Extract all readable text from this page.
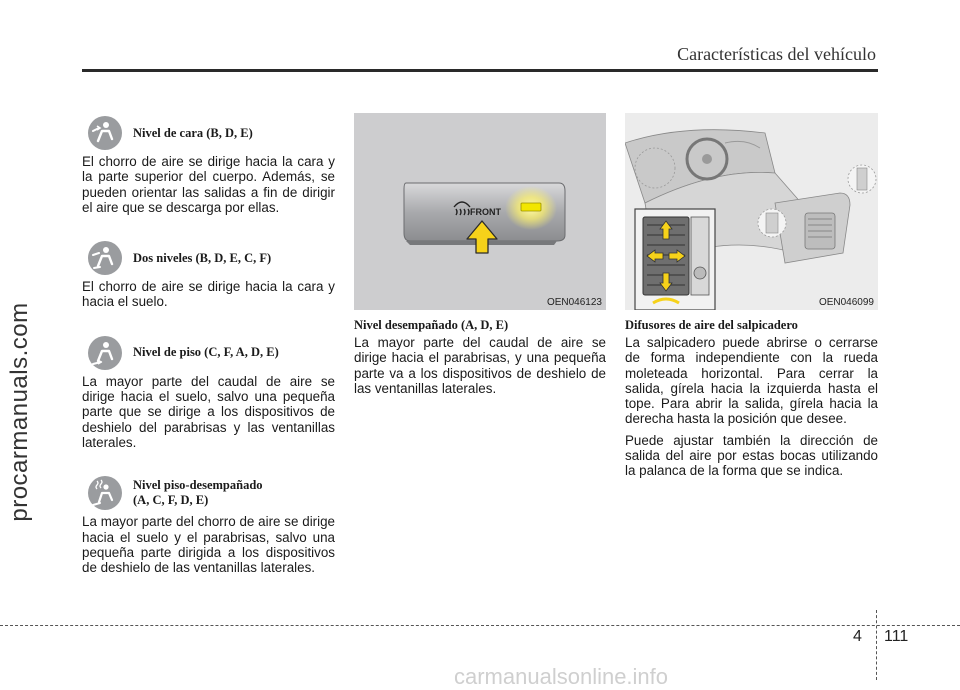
Características del vehículo
procarmanuals.com
Nivel de cara (B, D, E)

El chorro de aire se dirige hacia la cara y la parte superior del cuerpo. Además, se pueden orientar las salidas a fin de dirigir el aire que se descarga por ellas.

Dos niveles (B, D, E, C, F)

El chorro de aire se dirige hacia la cara y hacia el suelo.

Nivel de piso (C, F, A, D, E)

La mayor parte del caudal de aire se dirige hacia el suelo, salvo una pequeña parte que se dirige a los dispositivos de deshielo del parabrisas y las ventanillas laterales.

Nivel piso-desempañado
(A, C, F, D, E)

La mayor parte del chorro de aire se dirige hacia el suelo y el parabrisas, salvo una pequeña parte dirigida a los dispositivos de deshielo de las ventanillas laterales.

FRONT
OEN046123	OEN046099
Nivel desempañado (A, D, E)

La mayor parte del caudal de aire se dirige hacia el parabrisas, y una pequeña parte va a los dispositivos de deshielo de las ventanillas laterales.

Difusores de aire del salpicadero

La salpicadero puede abrirse o cerrarse de forma independiente con la rueda moleteada horizontal. Para cerrar la salida, gírela hacia la izquierda hasta el tope. Para abrir la salida, gírela hacia la derecha hasta la posición que desee.

Puede ajustar también la dirección de salida del aire por estas bocas utilizando la palanca de la forma que se indica.

4 111
carmanualsonline.info
